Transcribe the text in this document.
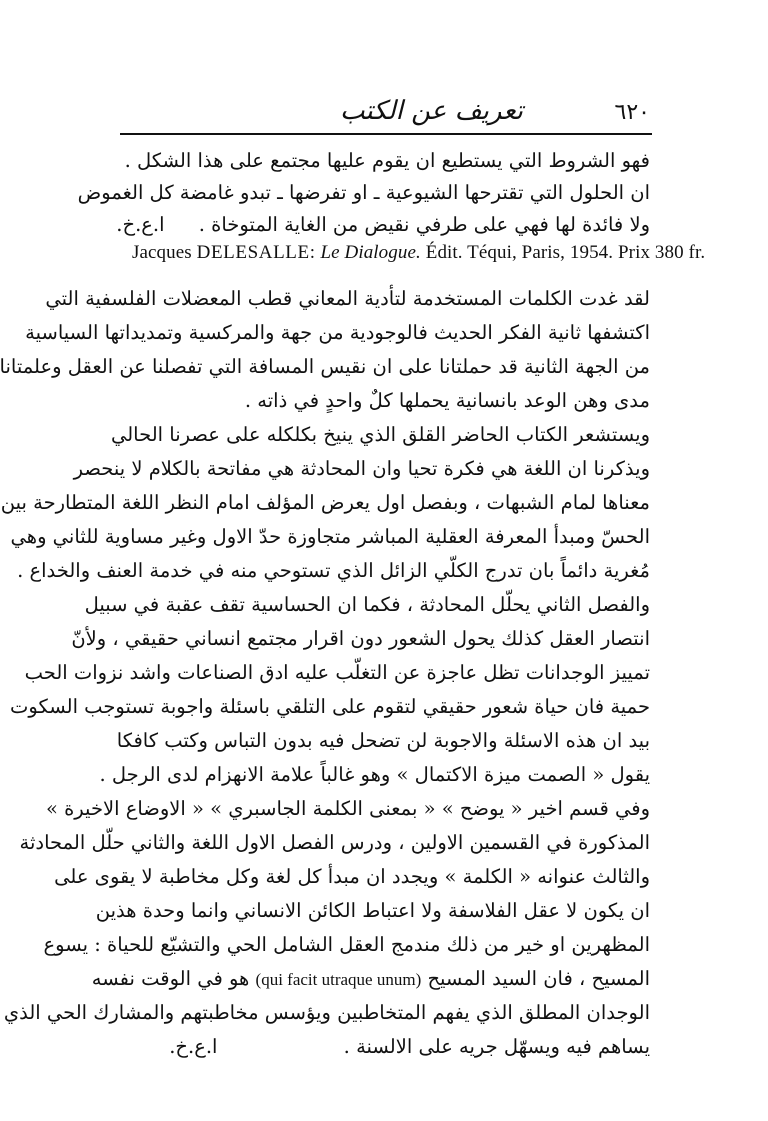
٦٢٠
تعريف عن الكتب
فهو الشروط التي يستطيع ان يقوم عليها مجتمع على هذا الشكل .
ان الحلول التي تقترحها الشيوعية ـ او تفرضها ـ تبدو غامضة كل الغموض
ولا فائدة لها فهي على طرفي نقيض من الغاية المتوخاة . ا.ع.خ.
Jacques DELESALLE: Le Dialogue. Édit. Téqui, Paris, 1954. Prix 380 fr.
لقد غدت الكلمات المستخدمة لتأدية المعاني قطب المعضلات الفلسفية التي
اكتشفها ثانية الفكر الحديث فالوجودية من جهة والمركسية وتمديداتها السياسية
من الجهة الثانية قد حملتانا على ان نقيس المسافة التي تفصلنا عن العقل وعلمتانا
مدى وهن الوعد بانسانية يحملها كلٌ واحدٍ في ذاته .
ويستشعر الكتاب الحاضر القلق الذي ينيخ بكلكله على عصرنا الحالي
ويذكرنا ان اللغة هي فكرة تحيا وان المحادثة هي مفاتحة بالكلام لا ينحصر
معناها لمام الشبهات ، وبفصل اول يعرض المؤلف امام النظر اللغة المتطارحة بين
الحسّ ومبدأ المعرفة العقلية المباشر متجاوزة حدّ الاول وغير مساوية للثاني وهي
مُغرية دائماً بان تدرج الكلّي الزائل الذي تستوحي منه في خدمة العنف والخداع .
والفصل الثاني يحلّل المحادثة ، فكما ان الحساسية تقف عقبة في سبيل
انتصار العقل كذلك يحول الشعور دون اقرار مجتمع انساني حقيقي ، ولأنّ
تمييز الوجدانات تظل عاجزة عن التغلّب عليه ادق الصناعات واشد نزوات الحب
حمية فان حياة شعور حقيقي لتقوم على التلقي باسئلة واجوبة تستوجب السكوت
بيد ان هذه الاسئلة والاجوبة لن تضحل فيه بدون التباس وكتب كافكا
يقول « الصمت ميزة الاكتمال » وهو غالباً علامة الانهزام لدى الرجل .
وفي قسم اخير « يوضح » « بمعنى الكلمة الجاسبري » « الاوضاع الاخيرة »
المذكورة في القسمين الاولين ، ودرس الفصل الاول اللغة والثاني حلّل المحادثة
والثالث عنوانه « الكلمة » ويجدد ان مبدأ كل لغة وكل مخاطبة لا يقوى على
ان يكون لا عقل الفلاسفة ولا اعتباط الكائن الانساني وانما وحدة هذين
المظهرين او خير من ذلك مندمج العقل الشامل الحي والتشيّع للحياة : يسوع
المسيح ، فان السيد المسيح (qui facit utraque unum) هو في الوقت نفسه
الوجدان المطلق الذي يفهم المتخاطبين ويؤسس مخاطبتهم والمشارك الحي الذي
يساهم فيه ويسهّل جريه على الالسنة . ا.ع.خ.
